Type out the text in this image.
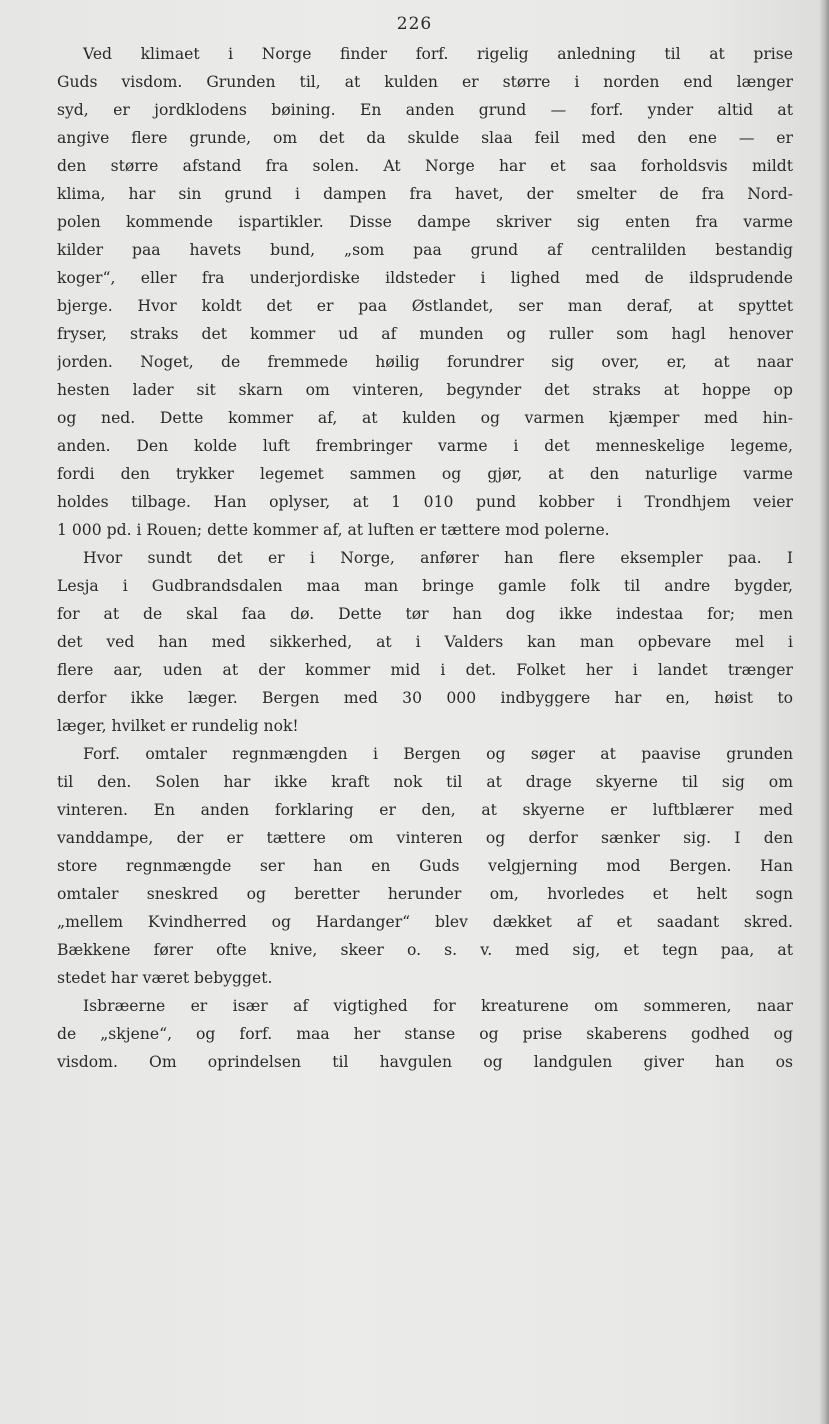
226
Ved klimaet i Norge finder forf. rigelig anledning til at prise
Guds visdom. Grunden til, at kulden er større i norden end længer
syd, er jordklodens bøining. En anden grund — forf. ynder altid at
angive flere grunde, om det da skulde slaa feil med den ene — er
den større afstand fra solen. At Norge har et saa forholdsvis mildt
klima, har sin grund i dampen fra havet, der smelter de fra Nord-
polen kommende ispartikler. Disse dampe skriver sig enten fra varme
kilder paa havets bund, „som paa grund af centralilden bestandig
koger“, eller fra underjordiske ildsteder i lighed med de ildsprudende
bjerge. Hvor koldt det er paa Østlandet, ser man deraf, at spyttet
fryser, straks det kommer ud af munden og ruller som hagl henover
jorden. Noget, de fremmede høilig forundrer sig over, er, at naar
hesten lader sit skarn om vinteren, begynder det straks at hoppe op
og ned. Dette kommer af, at kulden og varmen kjæmper med hin-
anden. Den kolde luft frembringer varme i det menneskelige legeme,
fordi den trykker legemet sammen og gjør, at den naturlige varme
holdes tilbage. Han oplyser, at 1 010 pund kobber i Trondhjem veier
1 000 pd. i Rouen; dette kommer af, at luften er tættere mod polerne.
Hvor sundt det er i Norge, anfører han flere eksempler paa. I
Lesja i Gudbrandsdalen maa man bringe gamle folk til andre bygder,
for at de skal faa dø. Dette tør han dog ikke indestaa for; men
det ved han med sikkerhed, at i Valders kan man opbevare mel i
flere aar, uden at der kommer mid i det. Folket her i landet trænger
derfor ikke læger. Bergen med 30 000 indbyggere har en, høist to
læger, hvilket er rundelig nok!
Forf. omtaler regnmængden i Bergen og søger at paavise grunden
til den. Solen har ikke kraft nok til at drage skyerne til sig om
vinteren. En anden forklaring er den, at skyerne er luftblærer med
vanddampe, der er tættere om vinteren og derfor sænker sig. I den
store regnmængde ser han en Guds velgjerning mod Bergen. Han
omtaler sneskred og beretter herunder om, hvorledes et helt sogn
„mellem Kvindherred og Hardanger“ blev dækket af et saadant skred.
Bækkene fører ofte knive, skeer o. s. v. med sig, et tegn paa, at
stedet har været bebygget.
Isbræerne er især af vigtighed for kreaturene om sommeren, naar
de „skjene“, og forf. maa her stanse og prise skaberens godhed og
visdom. Om oprindelsen til havgulen og landgulen giver han os
